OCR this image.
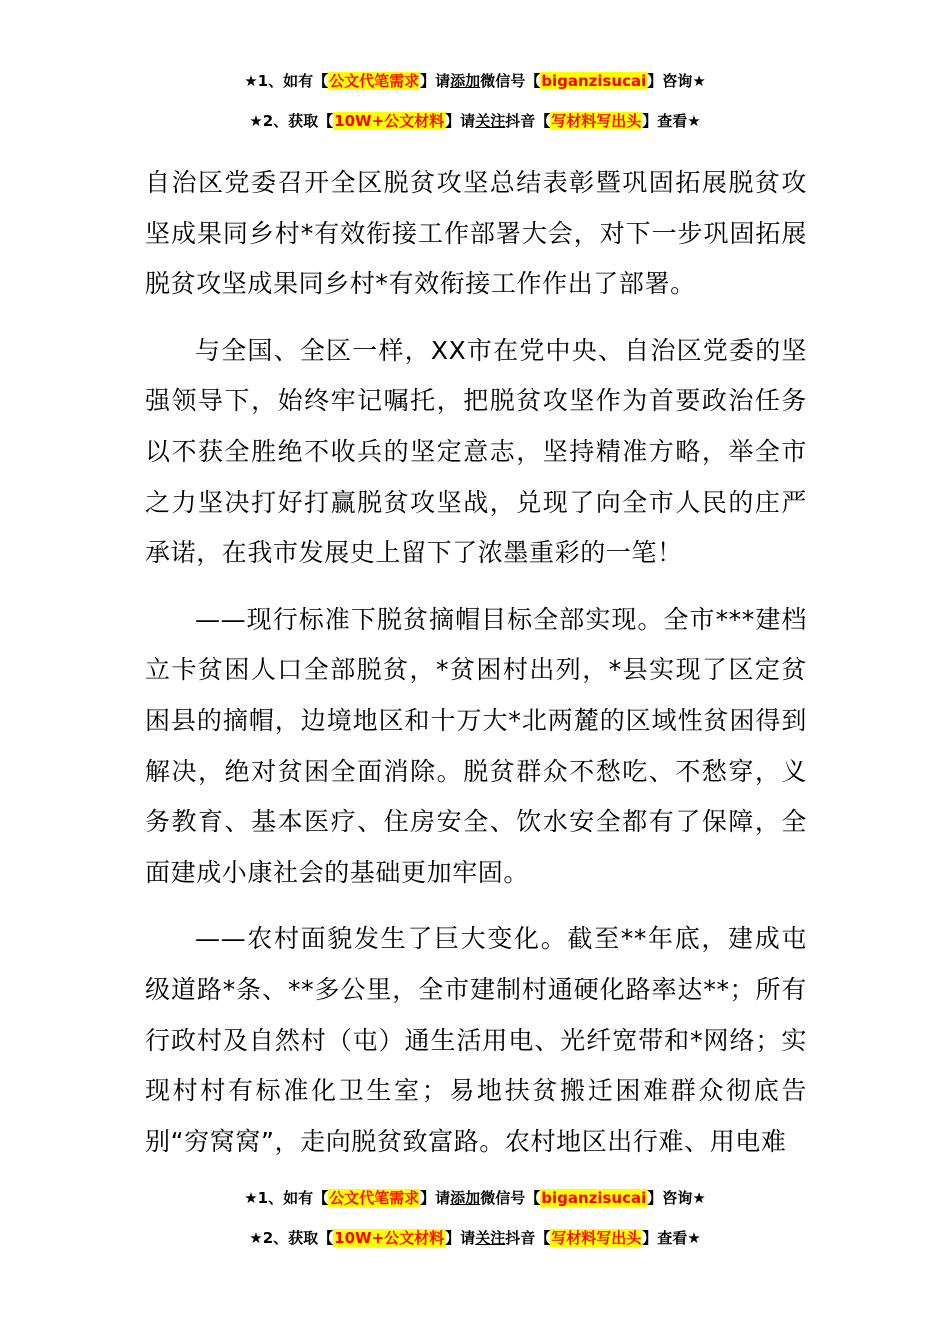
★1、如有【公文代笔需求】请添加微信号【biganzisucai】咨询★
★2、获取【10W+公文材料】请关注抖音【写材料写出头】查看★

自治区党委召开全区脱贫攻坚总结表彰暨巩固拓展脱贫攻坚成果同乡村*有效衔接工作部署大会，对下一步巩固拓展脱贫攻坚成果同乡村*有效衔接工作作出了部署。

与全国、全区一样，XX市在党中央、自治区党委的坚强领导下，始终牢记嘱托，把脱贫攻坚作为首要政治任务以不获全胜绝不收兵的坚定意志，坚持精准方略，举全市之力坚决打好打赢脱贫攻坚战，兑现了向全市人民的庄严承诺，在我市发展史上留下了浓墨重彩的一笔！

——现行标准下脱贫摘帽目标全部实现。全市***建档立卡贫困人口全部脱贫，*贫困村出列，*县实现了区定贫困县的摘帽，边境地区和十万大*北两麓的区域性贫困得到解决，绝对贫困全面消除。脱贫群众不愁吃、不愁穿，义务教育、基本医疗、住房安全、饮水安全都有了保障，全面建成小康社会的基础更加牢固。

——农村面貌发生了巨大变化。截至**年底，建成屯级道路*条、**多公里，全市建制村通硬化路率达**；所有行政村及自然村（屯）通生活用电、光纤宽带和*网络；实现村村有标准化卫生室；易地扶贫搬迁困难群众彻底告别“穷窝窝”，走向脱贫致富路。农村地区出行难、用电难

★1、如有【公文代笔需求】请添加微信号【biganzisucai】咨询★
★2、获取【10W+公文材料】请关注抖音【写材料写出头】查看★
